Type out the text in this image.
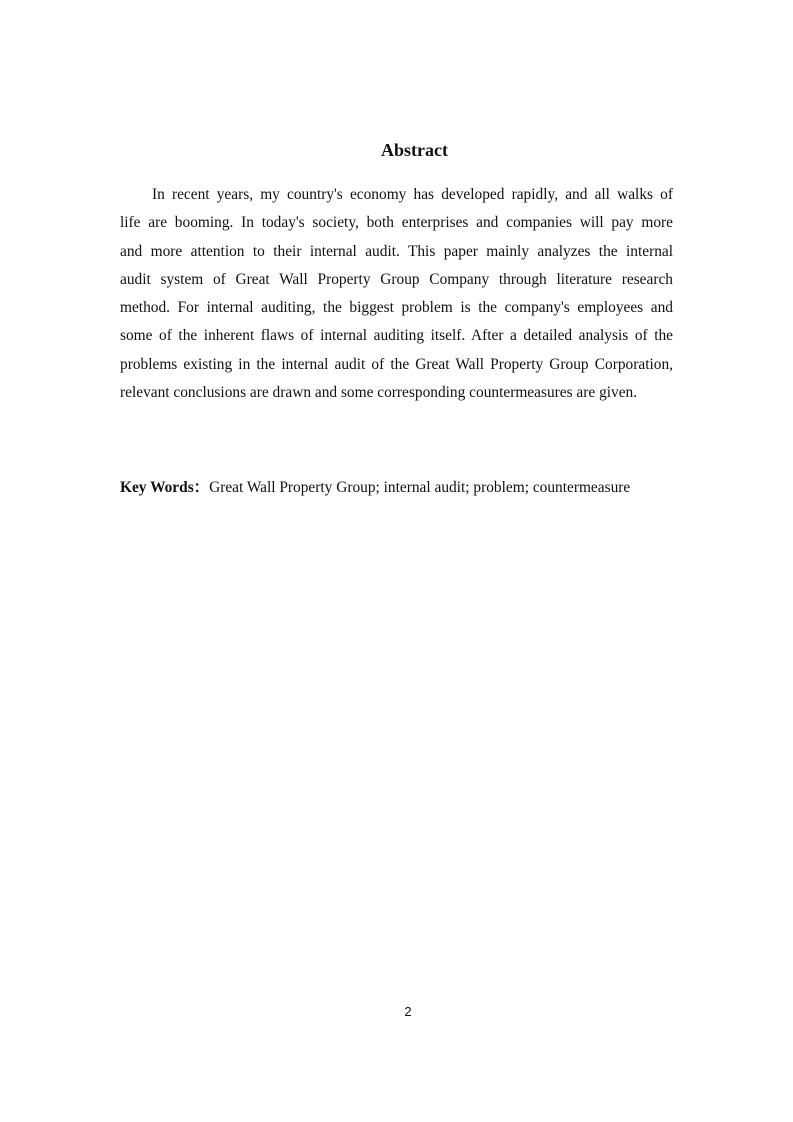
Abstract
In recent years, my country's economy has developed rapidly, and all walks of
life are booming. In today's society, both enterprises and companies will pay more
and more attention to their internal audit. This paper mainly analyzes the internal
audit system of Great Wall Property Group Company through literature research
method. For internal auditing, the biggest problem is the company's employees and
some of the inherent flaws of internal auditing itself. After a detailed analysis of the
problems existing in the internal audit of the Great Wall Property Group Corporation,
relevant conclusions are drawn and some corresponding countermeasures are given.

Key Words：Great Wall Property Group; internal audit; problem; countermeasure

2
